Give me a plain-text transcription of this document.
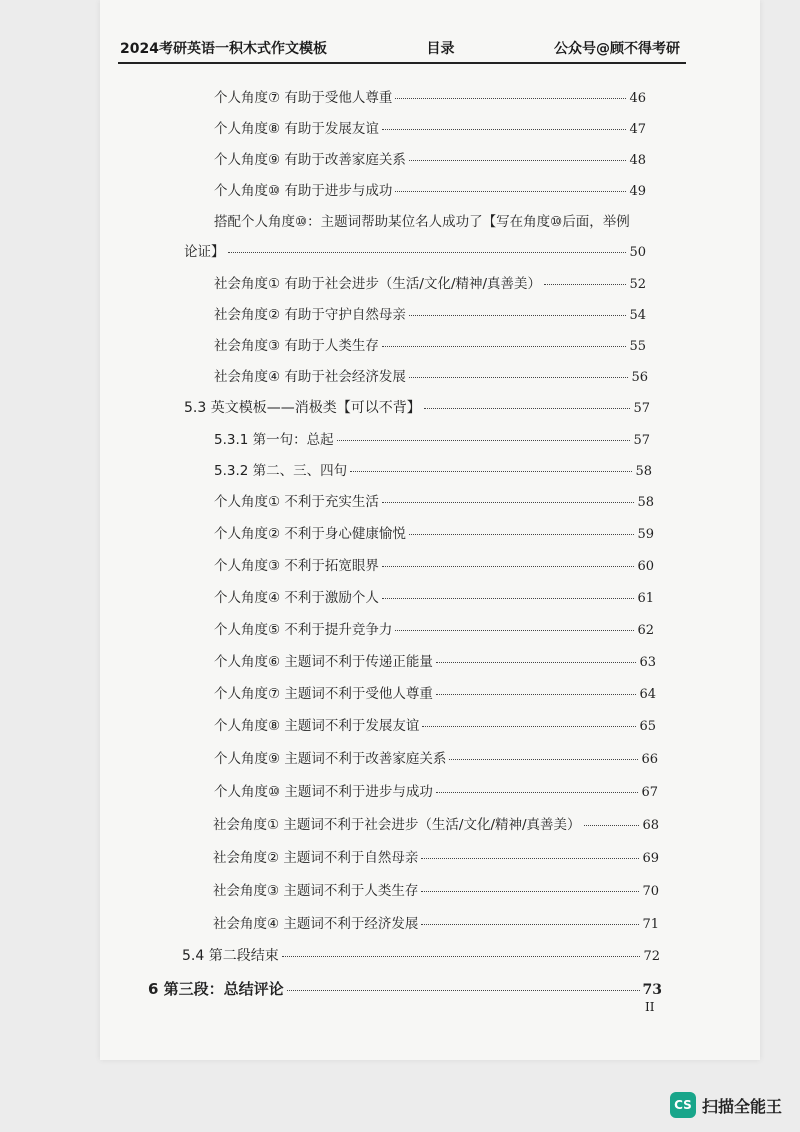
2024考研英语一积木式作文模板	目录	公众号@顾不得考研
个人角度⑦ 有助于受他人尊重	46
个人角度⑧ 有助于发展友谊	47
个人角度⑨ 有助于改善家庭关系	48
个人角度⑩ 有助于进步与成功	49
搭配个人角度⑩：主题词帮助某位名人成功了【写在角度⑩后面，举例
论证】	50
社会角度① 有助于社会进步（生活/文化/精神/真善美）	52
社会角度② 有助于守护自然母亲	54
社会角度③ 有助于人类生存	55
社会角度④ 有助于社会经济发展	56
5.3 英文模板——消极类【可以不背】	57
5.3.1 第一句：总起	57
5.3.2 第二、三、四句	58
个人角度① 不利于充实生活	58
个人角度② 不利于身心健康愉悦	59
个人角度③ 不利于拓宽眼界	60
个人角度④ 不利于激励个人	61
个人角度⑤ 不利于提升竞争力	62
个人角度⑥ 主题词不利于传递正能量	63
个人角度⑦ 主题词不利于受他人尊重	64
个人角度⑧ 主题词不利于发展友谊	65
个人角度⑨ 主题词不利于改善家庭关系	66
个人角度⑩ 主题词不利于进步与成功	67
社会角度① 主题词不利于社会进步（生活/文化/精神/真善美）	68
社会角度② 主题词不利于自然母亲	69
社会角度③ 主题词不利于人类生存	70
社会角度④ 主题词不利于经济发展	71
5.4 第二段结束	72
6 第三段：总结评论	73
II
CS 扫描全能王
